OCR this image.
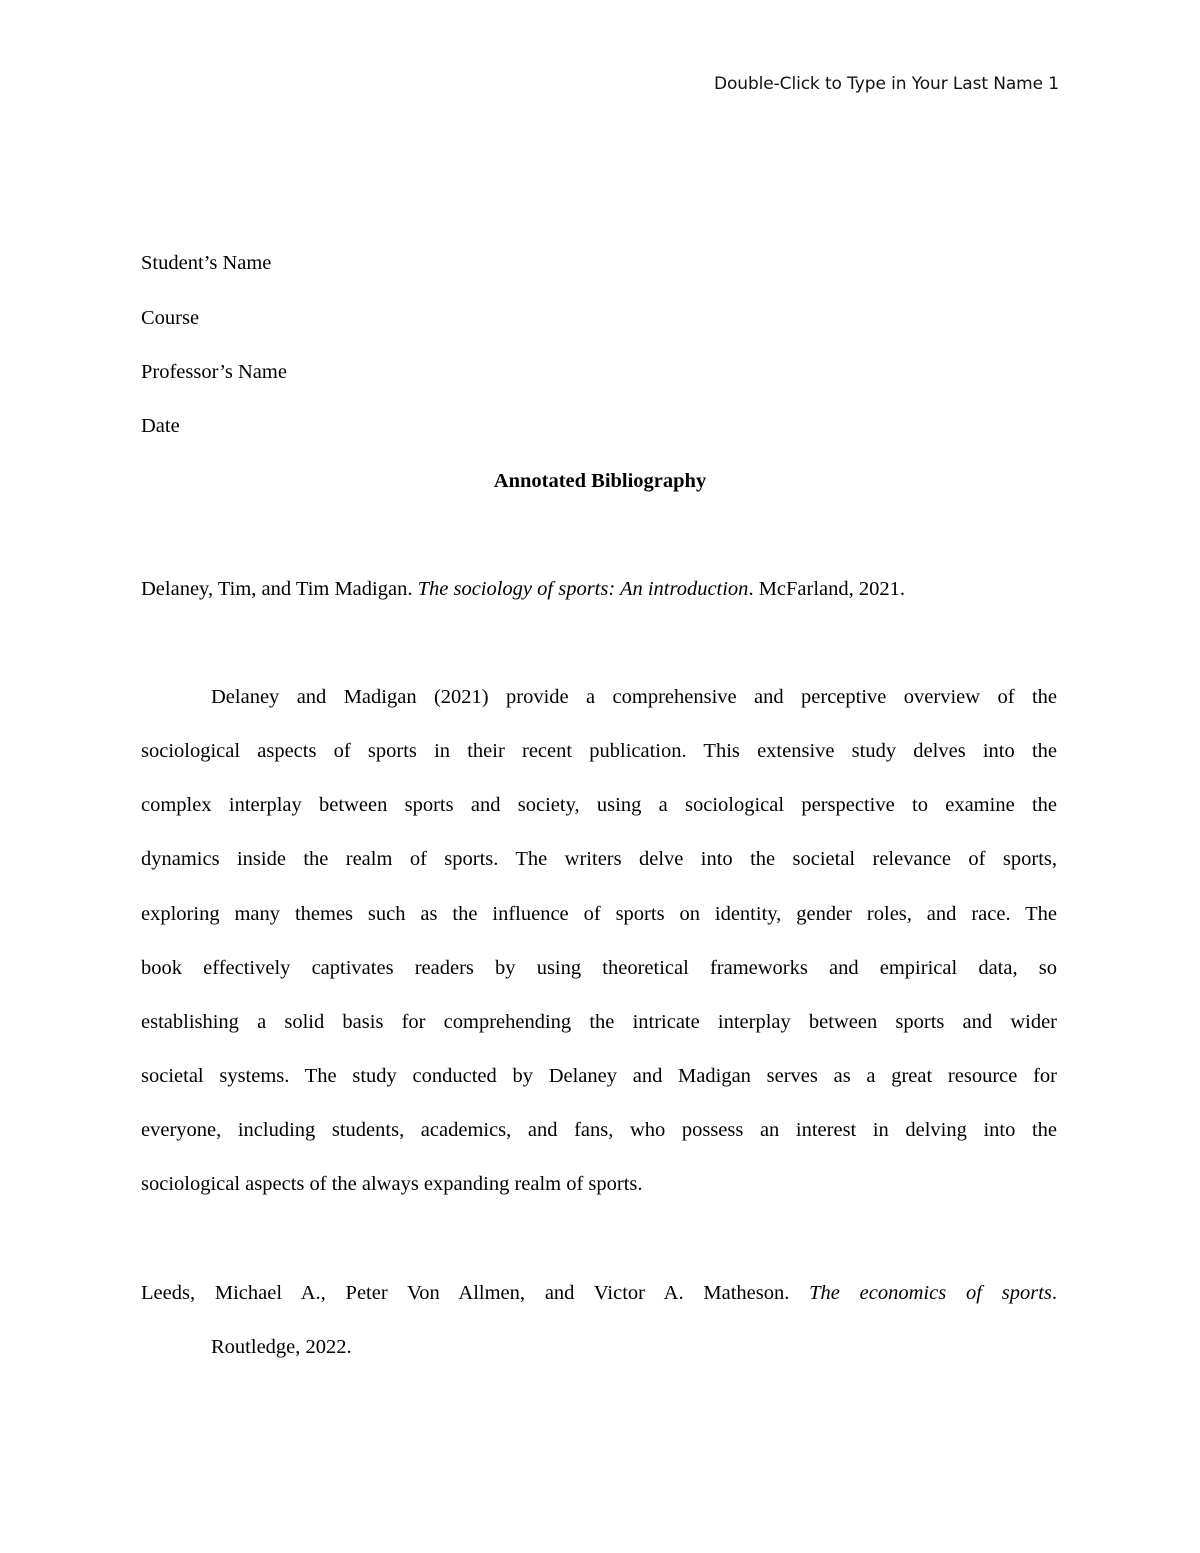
Double-Click to Type in Your Last Name 1
Student’s Name
Course
Professor’s Name
Date
Annotated Bibliography
Delaney, Tim, and Tim Madigan. The sociology of sports: An introduction. McFarland, 2021.
Delaney and Madigan (2021) provide a comprehensive and perceptive overview of the
sociological aspects of sports in their recent publication. This extensive study delves into the
complex interplay between sports and society, using a sociological perspective to examine the
dynamics inside the realm of sports. The writers delve into the societal relevance of sports,
exploring many themes such as the influence of sports on identity, gender roles, and race. The
book effectively captivates readers by using theoretical frameworks and empirical data, so
establishing a solid basis for comprehending the intricate interplay between sports and wider
societal systems. The study conducted by Delaney and Madigan serves as a great resource for
everyone, including students, academics, and fans, who possess an interest in delving into the
sociological aspects of the always expanding realm of sports.
Leeds, Michael A., Peter Von Allmen, and Victor A. Matheson. The economics of sports.
Routledge, 2022.
